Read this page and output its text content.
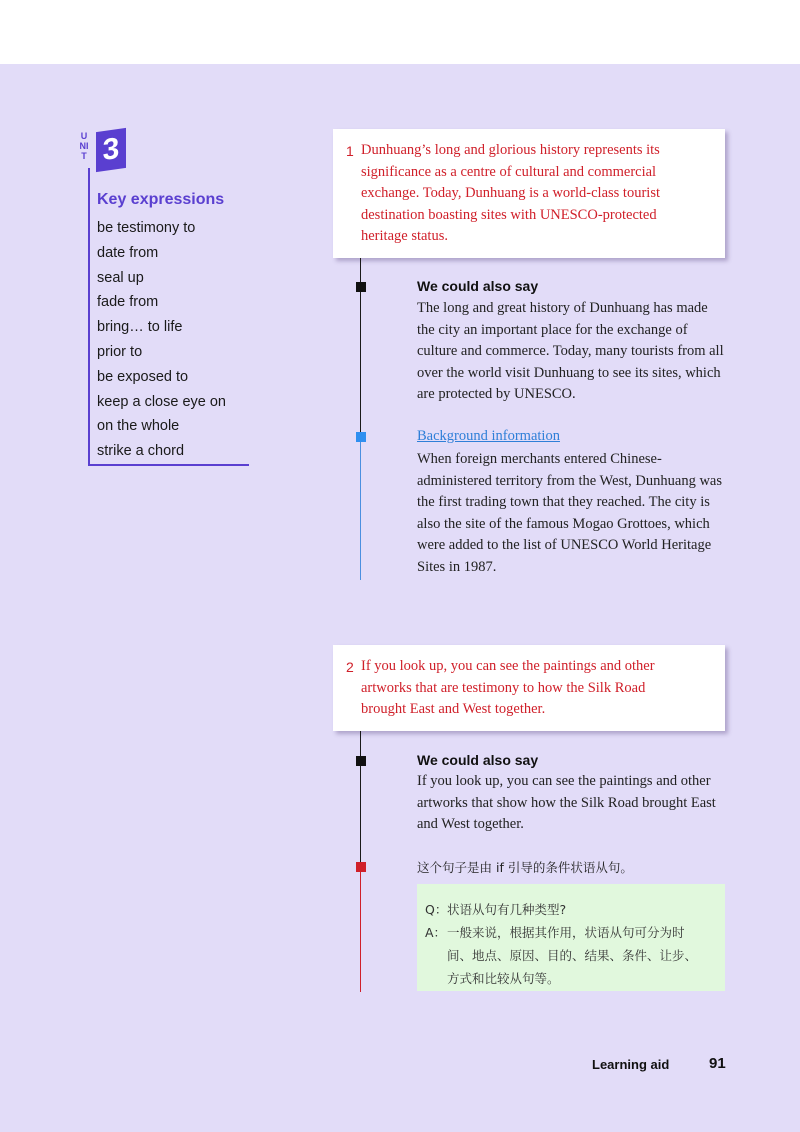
UNIT 3
Key expressions
be testimony to
date from
seal up
fade from
bring… to life
prior to
be exposed to
keep a close eye on
on the whole
strike a chord
1 Dunhuang’s long and glorious history represents its significance as a centre of cultural and commercial exchange. Today, Dunhuang is a world-class tourist destination boasting sites with UNESCO-protected heritage status.
We could also say
The long and great history of Dunhuang has made the city an important place for the exchange of culture and commerce. Today, many tourists from all over the world visit Dunhuang to see its sites, which are protected by UNESCO.
Background information
When foreign merchants entered Chinese-administered territory from the West, Dunhuang was the first trading town that they reached. The city is also the site of the famous Mogao Grottoes, which were added to the list of UNESCO World Heritage Sites in 1987.
2 If you look up, you can see the paintings and other artworks that are testimony to how the Silk Road brought East and West together.
We could also say
If you look up, you can see the paintings and other artworks that show how the Silk Road brought East and West together.
这个句子是由 if 引导的条件状语从句。
Q： 状语从句有几种类型?
A： 一般来说，根据其作用，状语从句可分为时
间、地点、原因、目的、结果、条件、让步、
方式和比较从句等。
Learning aid	91
